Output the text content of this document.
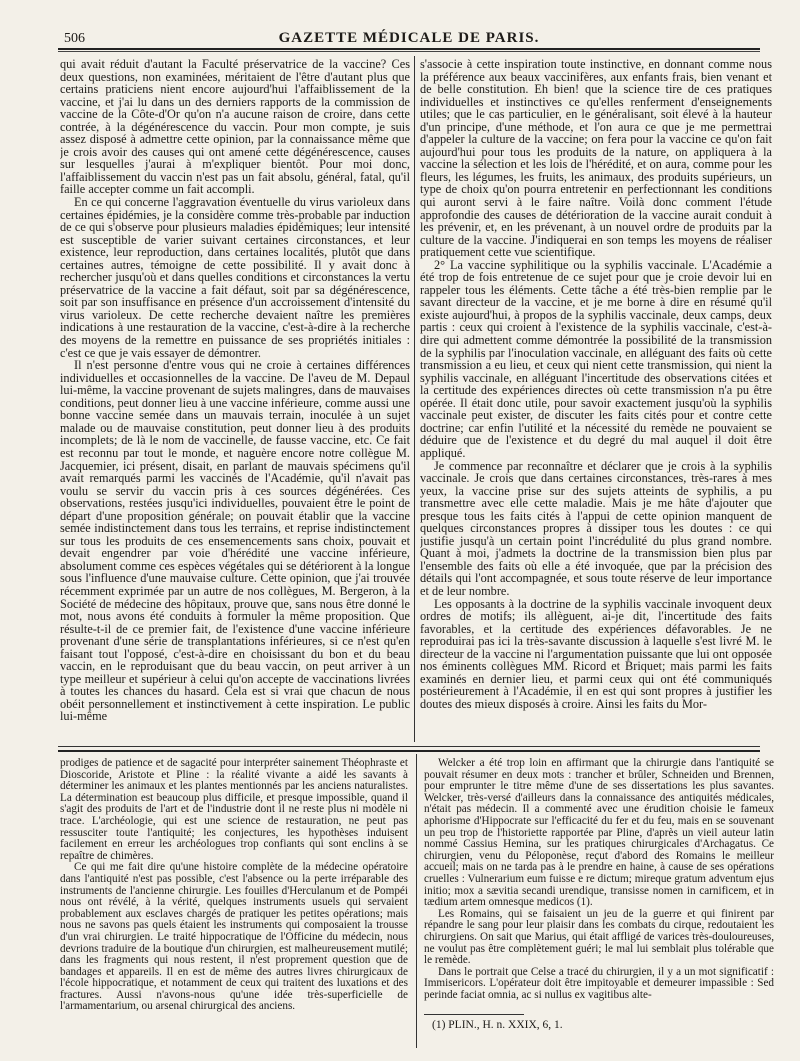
506	GAZETTE MÉDICALE DE PARIS.

qui avait réduit d'autant la Faculté préservatrice de la vaccine? Ces deux questions, non examinées, méritaient de l'être d'autant plus que certains praticiens nient encore aujourd'hui l'affaiblissement de la vaccine, et j'ai lu dans un des derniers rapports de la commission de vaccine de la Côte-d'Or qu'on n'a aucune raison de croire, dans cette contrée, à la dégénérescence du vaccin. Pour mon compte, je suis assez disposé à admettre cette opinion, par la connaissance même que je crois avoir des causes qui ont amené cette dégénérescence, causes sur lesquelles j'aurai à m'expliquer bientôt. Pour moi donc, l'affaiblissement du vaccin n'est pas un fait absolu, général, fatal, qu'il faille accepter comme un fait accompli.

En ce qui concerne l'aggravation éventuelle du virus varioleux dans certaines épidémies, je la considère comme très-probable par induction de ce qui s'observe pour plusieurs maladies épidémiques; leur intensité est susceptible de varier suivant certaines circonstances, et leur existence, leur reproduction, dans certaines localités, plutôt que dans certaines autres, témoigne de cette possibilité. Il y avait donc à rechercher jusqu'où et dans quelles conditions et circonstances la vertu préservatrice de la vaccine a fait défaut, soit par sa dégénérescence, soit par son insuffisance en présence d'un accroissement d'intensité du virus varioleux. De cette recherche devaient naître les premières indications à une restauration de la vaccine, c'est-à-dire à la recherche des moyens de la remettre en puissance de ses propriétés initiales : c'est ce que je vais essayer de démontrer.

Il n'est personne d'entre vous qui ne croie à certaines différences individuelles et occasionnelles de la vaccine. De l'aveu de M. Depaul lui-même, la vaccine provenant de sujets malingres, dans de mauvaises conditions, peut donner lieu à une vaccine inférieure, comme aussi une bonne vaccine semée dans un mauvais terrain, inoculée à un sujet malade ou de mauvaise constitution, peut donner lieu à des produits incomplets; de là le nom de vaccinelle, de fausse vaccine, etc. Ce fait est reconnu par tout le monde, et naguère encore notre collègue M. Jacquemier, ici présent, disait, en parlant de mauvais spécimens qu'il avait remarqués parmi les vaccinés de l'Académie, qu'il n'avait pas voulu se servir du vaccin pris à ces sources dégénérées. Ces observations, restées jusqu'ici individuelles, pouvaient être le point de départ d'une proposition générale; on pouvait établir que la vaccine semée indistinctement dans tous les terrains, et reprise indistinctement sur tous les produits de ces ensemencements sans choix, pouvait et devait engendrer par voie d'hérédité une vaccine inférieure, absolument comme ces espèces végétales qui se détériorent à la longue sous l'influence d'une mauvaise culture. Cette opinion, que j'ai trouvée récemment exprimée par un autre de nos collègues, M. Bergeron, à la Société de médecine des hôpitaux, prouve que, sans nous être donné le mot, nous avons été conduits à formuler la même proposition. Que résulte-t-il de ce premier fait, de l'existence d'une vaccine inférieure provenant d'une série de transplantations inférieures, si ce n'est qu'en faisant tout l'opposé, c'est-à-dire en choisissant du bon et du beau vaccin, en le reproduisant que du beau vaccin, on peut arriver à un type meilleur et supérieur à celui qu'on accepte de vaccinations livrées à toutes les chances du hasard. Cela est si vrai que chacun de nous obéit personnellement et instinctivement à cette inspiration. Le public lui-même

s'associe à cette inspiration toute instinctive, en donnant comme nous la préférence aux beaux vaccinifères, aux enfants frais, bien venant et de belle constitution. Eh bien! que la science tire de ces pratiques individuelles et instinctives ce qu'elles renferment d'enseignements utiles; que le cas particulier, en le généralisant, soit élevé à la hauteur d'un principe, d'une méthode, et l'on aura ce que je me permettrai d'appeler la culture de la vaccine; on fera pour la vaccine ce qu'on fait aujourd'hui pour tous les produits de la nature, on appliquera à la vaccine la sélection et les lois de l'hérédité, et on aura, comme pour les fleurs, les légumes, les fruits, les animaux, des produits supérieurs, un type de choix qu'on pourra entretenir en perfectionnant les conditions qui auront servi à le faire naître. Voilà donc comment l'étude approfondie des causes de détérioration de la vaccine aurait conduit à les prévenir, et, en les prévenant, à un nouvel ordre de produits par la culture de la vaccine. J'indiquerai en son temps les moyens de réaliser pratiquement cette vue scientifique.

2° La vaccine syphilitique ou la syphilis vaccinale. L'Académie a été trop de fois entretenue de ce sujet pour que je croie devoir lui en rappeler tous les éléments. Cette tâche a été très-bien remplie par le savant directeur de la vaccine, et je me borne à dire en résumé qu'il existe aujourd'hui, à propos de la syphilis vaccinale, deux camps, deux partis : ceux qui croient à l'existence de la syphilis vaccinale, c'est-à-dire qui admettent comme démontrée la possibilité de la transmission de la syphilis par l'inoculation vaccinale, en alléguant des faits où cette transmission a eu lieu, et ceux qui nient cette transmission, qui nient la syphilis vaccinale, en alléguant l'incertitude des observations citées et la certitude des expériences directes où cette transmission n'a pu être opérée. Il était donc utile, pour savoir exactement jusqu'où la syphilis vaccinale peut exister, de discuter les faits cités pour et contre cette doctrine; car enfin l'utilité et la nécessité du remède ne pouvaient se déduire que de l'existence et du degré du mal auquel il doit être appliqué.

Je commence par reconnaître et déclarer que je crois à la syphilis vaccinale. Je crois que dans certaines circonstances, très-rares à mes yeux, la vaccine prise sur des sujets atteints de syphilis, a pu transmettre avec elle cette maladie. Mais je me hâte d'ajouter que presque tous les faits cités à l'appui de cette opinion manquent de quelques circonstances propres à dissiper tous les doutes : ce qui justifie jusqu'à un certain point l'incrédulité du plus grand nombre. Quant à moi, j'admets la doctrine de la transmission bien plus par l'ensemble des faits où elle a été invoquée, que par la précision des détails qui l'ont accompagnée, et sous toute réserve de leur importance et de leur nombre.

Les opposants à la doctrine de la syphilis vaccinale invoquent deux ordres de motifs; ils allèguent, ai-je dit, l'incertitude des faits favorables, et la certitude des expériences défavorables. Je ne reproduirai pas ici la très-savante discussion à laquelle s'est livré M. le directeur de la vaccine ni l'argumentation puissante que lui ont opposée nos éminents collègues MM. Ricord et Briquet; mais parmi les faits examinés en dernier lieu, et parmi ceux qui ont été communiqués postérieurement à l'Académie, il en est qui sont propres à justifier les doutes des mieux disposés à croire. Ainsi les faits du Mor-

prodiges de patience et de sagacité pour interpréter sainement Théophraste et Dioscoride, Aristote et Pline : la réalité vivante a aidé les savants à déterminer les animaux et les plantes mentionnés par les anciens naturalistes. La détermination est beaucoup plus difficile, et presque impossible, quand il s'agit des produits de l'art et de l'industrie dont il ne reste plus ni modèle ni trace. L'archéologie, qui est une science de restauration, ne peut pas ressusciter toute l'antiquité; les conjectures, les hypothèses induisent facilement en erreur les archéologues trop confiants qui sont enclins à se repaître de chimères.

Ce qui me fait dire qu'une histoire complète de la médecine opératoire dans l'antiquité n'est pas possible, c'est l'absence ou la perte irréparable des instruments de l'ancienne chirurgie. Les fouilles d'Herculanum et de Pompéi nous ont révélé, à la vérité, quelques instruments usuels qui servaient probablement aux esclaves chargés de pratiquer les petites opérations; mais nous ne savons pas quels étaient les instruments qui composaient la trousse d'un vrai chirurgien. Le traité hippocratique de l'Officine du médecin, nous devrions traduire de la boutique d'un chirurgien, est malheureusement mutilé; dans les fragments qui nous restent, il n'est proprement question que de bandages et appareils. Il en est de même des autres livres chirurgicaux de l'école hippocratique, et notamment de ceux qui traitent des luxations et des fractures. Aussi n'avons-nous qu'une idée très-superficielle de l'armamentarium, ou arsenal chirurgical des anciens.

Welcker a été trop loin en affirmant que la chirurgie dans l'antiquité se pouvait résumer en deux mots : trancher et brûler, Schneiden und Brennen, pour emprunter le titre même d'une de ses dissertations les plus savantes. Welcker, très-versé d'ailleurs dans la connaissance des antiquités médicales, n'était pas médecin. Il a commenté avec une érudition choisie le fameux aphorisme d'Hippocrate sur l'efficacité du fer et du feu, mais en se souvenant un peu trop de l'historiette rapportée par Pline, d'après un vieil auteur latin nommé Cassius Hemina, sur les pratiques chirurgicales d'Archagatus. Ce chirurgien, venu du Péloponèse, reçut d'abord des Romains le meilleur accueil; mais on ne tarda pas à le prendre en haine, à cause de ses opérations cruelles : Vulnerarium eum fuisse e re dictum; mireque gratum adventum ejus initio; mox a sævitia secandi urendique, transisse nomen in carnificem, et in tædium artem omnesque medicos (1).

Les Romains, qui se faisaient un jeu de la guerre et qui finirent par répandre le sang pour leur plaisir dans les combats du cirque, redoutaient les chirurgiens. On sait que Marius, qui était affligé de varices très-douloureuses, ne voulut pas être complètement guéri; le mal lui semblait plus tolérable que le remède.

Dans le portrait que Celse a tracé du chirurgien, il y a un mot significatif : Immisericors. L'opérateur doit être impitoyable et demeurer impassible : Sed perinde faciat omnia, ac si nullus ex vagitibus alte-

(1) PLIN., H. n. XXIX, 6, 1.
